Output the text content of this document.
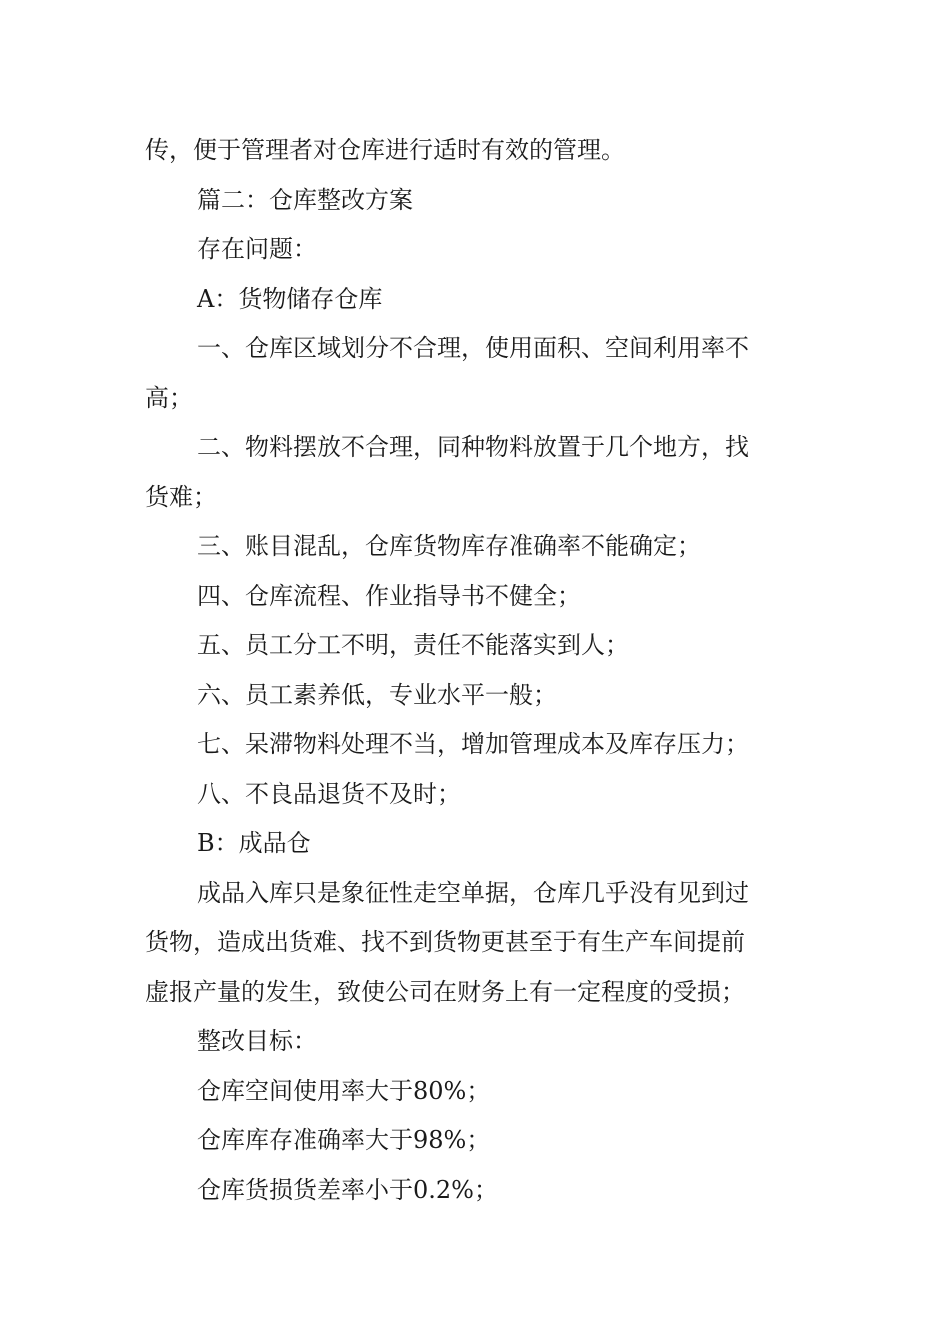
传，便于管理者对仓库进行适时有效的管理。
篇二：仓库整改方案
存在问题：
A：货物储存仓库
一、仓库区域划分不合理，使用面积、空间利用率不
高；
二、物料摆放不合理，同种物料放置于几个地方，找
货难；
三、账目混乱，仓库货物库存准确率不能确定；
四、仓库流程、作业指导书不健全；
五、员工分工不明，责任不能落实到人；
六、员工素养低，专业水平一般；
七、呆滞物料处理不当，增加管理成本及库存压力；
八、不良品退货不及时；
B：成品仓
成品入库只是象征性走空单据，仓库几乎没有见到过
货物，造成出货难、找不到货物更甚至于有生产车间提前
虚报产量的发生，致使公司在财务上有一定程度的受损；
整改目标：
仓库空间使用率大于80%；
仓库库存准确率大于98%；
仓库货损货差率小于0.2%；
